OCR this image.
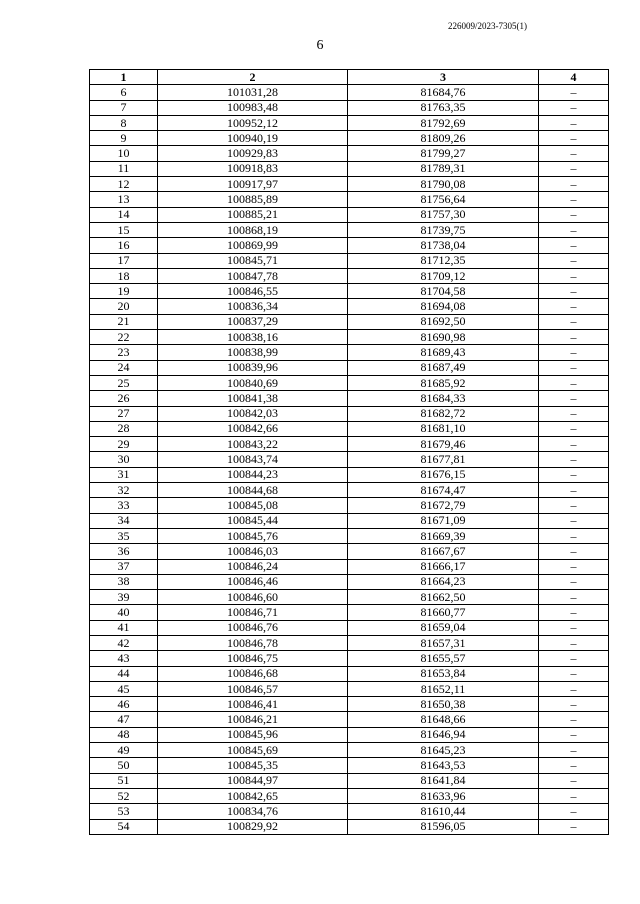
226009/2023-7305(1)
6
1	2	3	4
6	101031,28	81684,76	–
7	100983,48	81763,35	–
8	100952,12	81792,69	–
9	100940,19	81809,26	–
10	100929,83	81799,27	–
11	100918,83	81789,31	–
12	100917,97	81790,08	–
13	100885,89	81756,64	–
14	100885,21	81757,30	–
15	100868,19	81739,75	–
16	100869,99	81738,04	–
17	100845,71	81712,35	–
18	100847,78	81709,12	–
19	100846,55	81704,58	–
20	100836,34	81694,08	–
21	100837,29	81692,50	–
22	100838,16	81690,98	–
23	100838,99	81689,43	–
24	100839,96	81687,49	–
25	100840,69	81685,92	–
26	100841,38	81684,33	–
27	100842,03	81682,72	–
28	100842,66	81681,10	–
29	100843,22	81679,46	–
30	100843,74	81677,81	–
31	100844,23	81676,15	–
32	100844,68	81674,47	–
33	100845,08	81672,79	–
34	100845,44	81671,09	–
35	100845,76	81669,39	–
36	100846,03	81667,67	–
37	100846,24	81666,17	–
38	100846,46	81664,23	–
39	100846,60	81662,50	–
40	100846,71	81660,77	–
41	100846,76	81659,04	–
42	100846,78	81657,31	–
43	100846,75	81655,57	–
44	100846,68	81653,84	–
45	100846,57	81652,11	–
46	100846,41	81650,38	–
47	100846,21	81648,66	–
48	100845,96	81646,94	–
49	100845,69	81645,23	–
50	100845,35	81643,53	–
51	100844,97	81641,84	–
52	100842,65	81633,96	–
53	100834,76	81610,44	–
54	100829,92	81596,05	–
